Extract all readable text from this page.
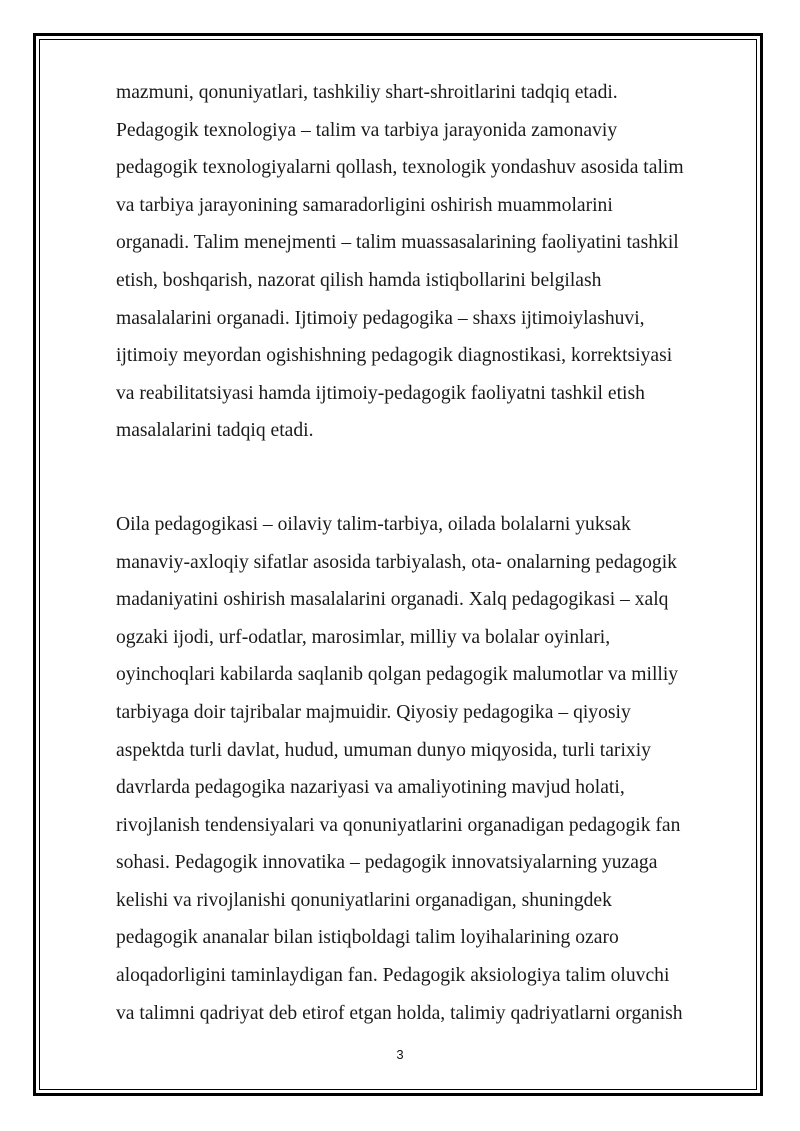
mazmuni, qonuniyatlari, tashkiliy shart-shroitlarini tadqiq etadi.
Pedagogik texnologiya – talim va tarbiya jarayonida zamonaviy
pedagogik texnologiyalarni qollash, texnologik yondashuv asosida talim
va tarbiya jarayonining samaradorligini oshirish muammolarini
organadi. Talim menejmenti – talim muassasalarining faoliyatini tashkil
etish, boshqarish, nazorat qilish hamda istiqbollarini belgilash
masalalarini organadi. Ijtimoiy pedagogika – shaxs ijtimoiylashuvi,
ijtimoiy meyordan ogishishning pedagogik diagnostikasi, korrektsiyasi
va reabilitatsiyasi hamda ijtimoiy-pedagogik faoliyatni tashkil etish
masalalarini tadqiq etadi.
Oila pedagogikasi – oilaviy talim-tarbiya, oilada bolalarni yuksak
manaviy-axloqiy sifatlar asosida tarbiyalash, ota- onalarning pedagogik
madaniyatini oshirish masalalarini organadi. Xalq pedagogikasi – xalq
ogzaki ijodi, urf-odatlar, marosimlar, milliy va bolalar oyinlari,
oyinchoqlari kabilarda saqlanib qolgan pedagogik malumotlar va milliy
tarbiyaga doir tajribalar majmuidir. Qiyosiy pedagogika – qiyosiy
aspektda turli davlat, hudud, umuman dunyo miqyosida, turli tarixiy
davrlarda pedagogika nazariyasi va amaliyotining mavjud holati,
rivojlanish tendensiyalari va qonuniyatlarini organadigan pedagogik fan
sohasi. Pedagogik innovatika – pedagogik innovatsiyalarning yuzaga
kelishi va rivojlanishi qonuniyatlarini organadigan, shuningdek
pedagogik ananalar bilan istiqboldagi talim loyihalarining ozaro
aloqadorligini taminlaydigan fan. Pedagogik aksiologiya talim oluvchi
va talimni qadriyat deb etirof etgan holda, talimiy qadriyatlarni organish
3
